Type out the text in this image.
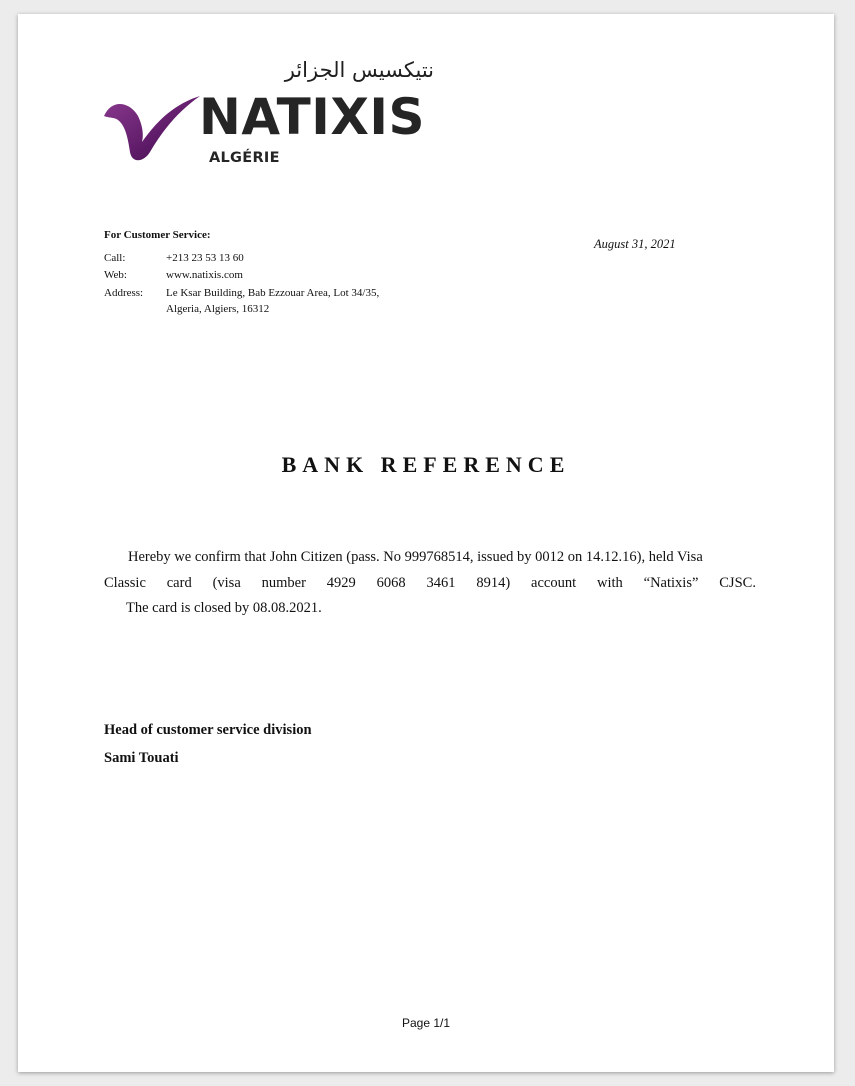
نتيكسيس الجزائر
NATIXIS
ALGÉRIE
For Customer Service:
Call:	+213 23 53 13 60
Web:	www.natixis.com
Address: Le Ksar Building, Bab Ezzouar Area, Lot 34/35,
Algeria, Algiers, 16312
August 31, 2021
BANK REFERENCE
Hereby we confirm that John Citizen (pass. No 999768514, issued by 0012 on 14.12.16), held Visa
Classic card (visa number 4929 6068 3461 8914) account with “Natixis” CJSC.
The card is closed by 08.08.2021.
Head of customer service division
Sami Touati
Page 1/1
